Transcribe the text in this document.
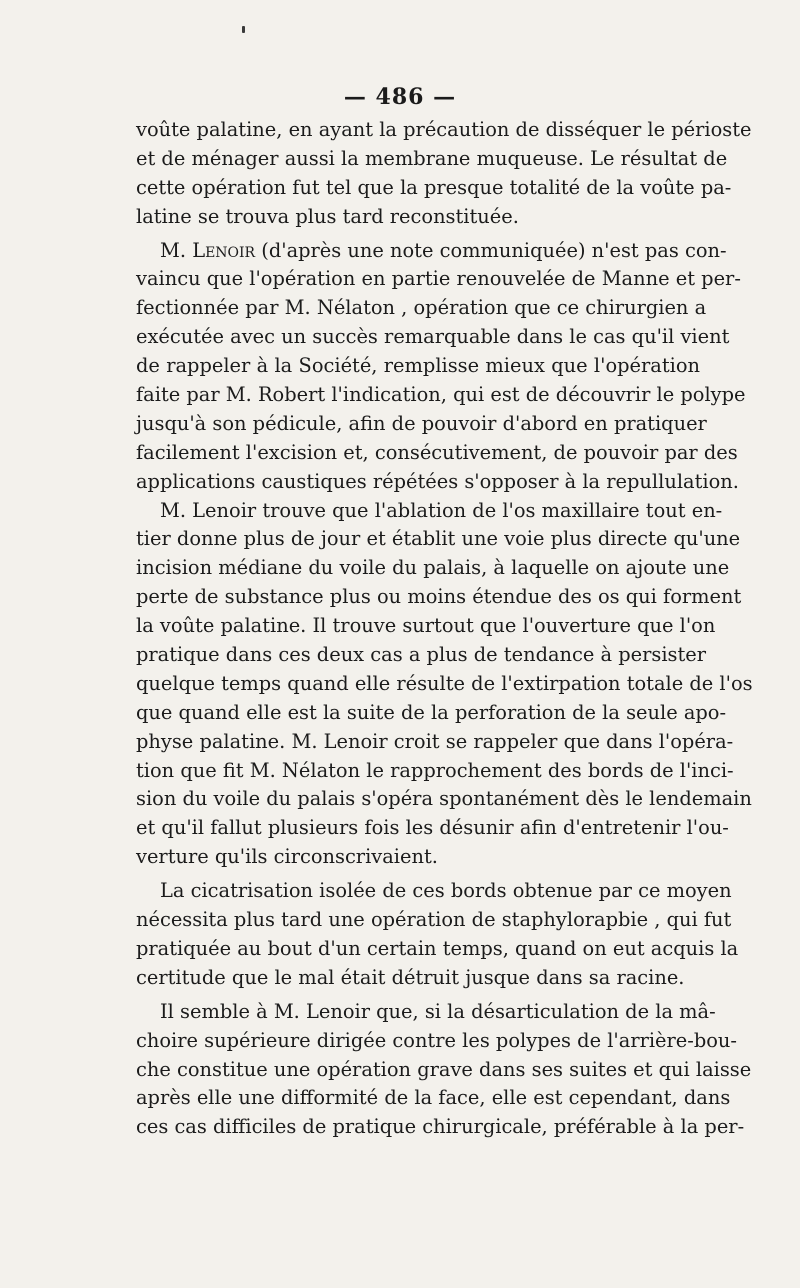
— 486 —
voûte palatine, en ayant la précaution de disséquer le périoste
et de ménager aussi la membrane muqueuse. Le résultat de
cette opération fut tel que la presque totalité de la voûte pa-
latine se trouva plus tard reconstituée.
M. Lenoir (d'après une note communiquée) n'est pas con-
vaincu que l'opération en partie renouvelée de Manne et per-
fectionnée par M. Nélaton , opération que ce chirurgien a
exécutée avec un succès remarquable dans le cas qu'il vient
de rappeler à la Société, remplisse mieux que l'opération
faite par M. Robert l'indication, qui est de découvrir le polype
jusqu'à son pédicule, afin de pouvoir d'abord en pratiquer
facilement l'excision et, consécutivement, de pouvoir par des
applications caustiques répétées s'opposer à la repullulation.
M. Lenoir trouve que l'ablation de l'os maxillaire tout en-
tier donne plus de jour et établit une voie plus directe qu'une
incision médiane du voile du palais, à laquelle on ajoute une
perte de substance plus ou moins étendue des os qui forment
la voûte palatine. Il trouve surtout que l'ouverture que l'on
pratique dans ces deux cas a plus de tendance à persister
quelque temps quand elle résulte de l'extirpation totale de l'os
que quand elle est la suite de la perforation de la seule apo-
physe palatine. M. Lenoir croit se rappeler que dans l'opéra-
tion que fit M. Nélaton le rapprochement des bords de l'inci-
sion du voile du palais s'opéra spontanément dès le lendemain
et qu'il fallut plusieurs fois les désunir afin d'entretenir l'ou-
verture qu'ils circonscrivaient.
La cicatrisation isolée de ces bords obtenue par ce moyen
nécessita plus tard une opération de staphylorapbie , qui fut
pratiquée au bout d'un certain temps, quand on eut acquis la
certitude que le mal était détruit jusque dans sa racine.
Il semble à M. Lenoir que, si la désarticulation de la mâ-
choire supérieure dirigée contre les polypes de l'arrière-bou-
che constitue une opération grave dans ses suites et qui laisse
après elle une difformité de la face, elle est cependant, dans
ces cas difficiles de pratique chirurgicale, préférable à la per-
